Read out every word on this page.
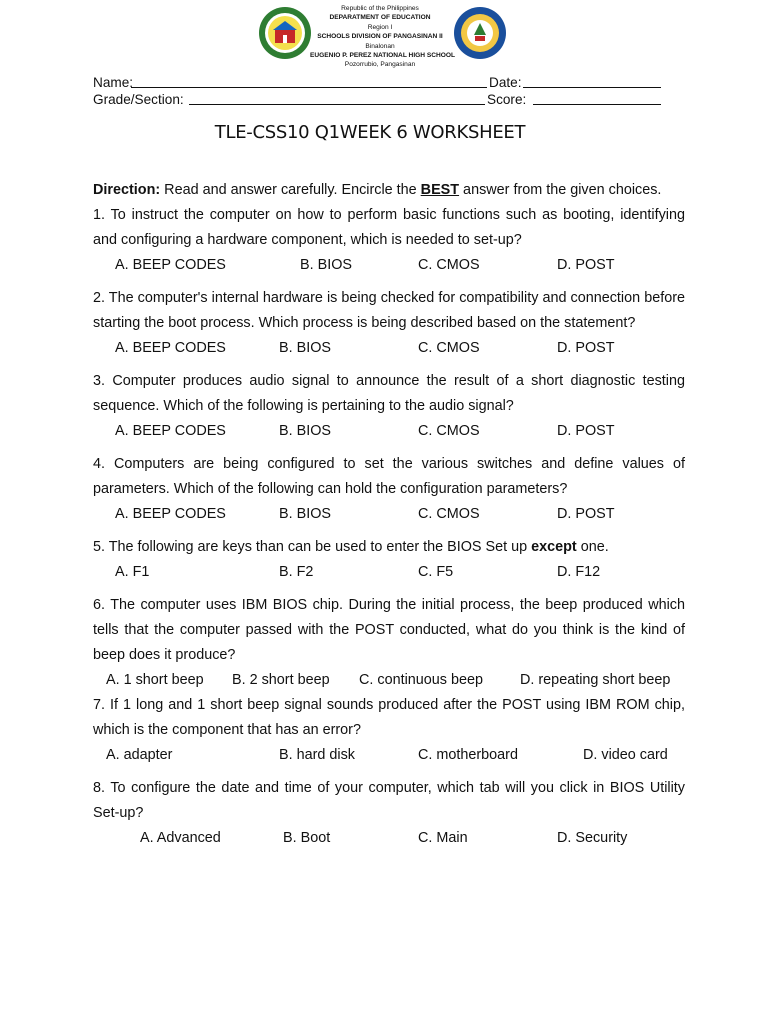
Republic of the Philippines
DEPARATMENT OF EDUCATION
Region I
SCHOOLS DIVISION OF PANGASINAN II
Binalonan
EUGENIO P. PEREZ NATIONAL HIGH SCHOOL
Pozorrubio, Pangasinan
Name:	Date:
Grade/Section:	Score:
TLE-CSS10 Q1WEEK 6 WORKSHEET
Direction: Read and answer carefully. Encircle the BEST answer from the given choices.
1. To instruct the computer on how to perform basic functions such as booting, identifying and configuring a hardware component, which is needed to set-up?
A. BEEP CODES	B. BIOS	C. CMOS	D. POST
2. The computer's internal hardware is being checked for compatibility and connection before starting the boot process. Which process is being described based on the statement?
A. BEEP CODES	B. BIOS	C. CMOS	D. POST
3. Computer produces audio signal to announce the result of a short diagnostic testing sequence. Which of the following is pertaining to the audio signal?
A. BEEP CODES	B. BIOS	C. CMOS	D. POST
4. Computers are being configured to set the various switches and define values of parameters. Which of the following can hold the configuration parameters?
A. BEEP CODES	B. BIOS	C. CMOS	D. POST
5. The following are keys than can be used to enter the BIOS Set up except one.
A. F1	B. F2	C. F5	D. F12
6. The computer uses IBM BIOS chip. During the initial process, the beep produced which tells that the computer passed with the POST conducted, what do you think is the kind of beep does it produce?
A. 1 short beep B. 2 short beep C. continuous beep	D. repeating short beep
7. If 1 long and 1 short beep signal sounds produced after the POST using IBM ROM chip, which is the component that has an error?
A. adapter	B. hard disk	C. motherboard	D. video card
8. To configure the date and time of your computer, which tab will you click in BIOS Utility Set-up?
A. Advanced	B. Boot	C. Main	D. Security
